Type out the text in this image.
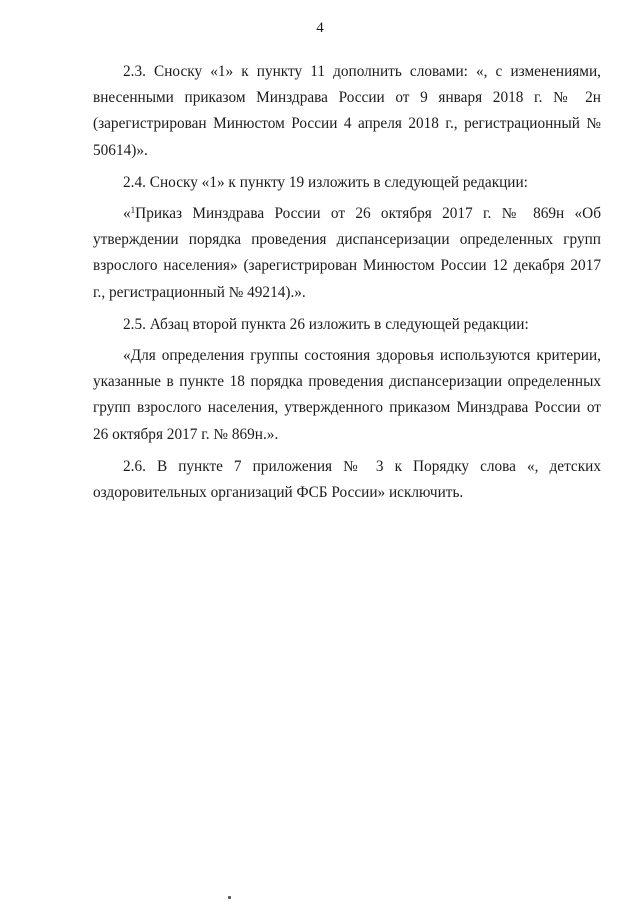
4

2.3. Сноску «1» к пункту 11 дополнить словами: «, с изменениями, внесенными приказом Минздрава России от 9 января 2018 г. № 2н (зарегистрирован Минюстом России 4 апреля 2018 г., регистрационный № 50614)».

2.4. Сноску «1» к пункту 19 изложить в следующей редакции:

«$^1$Приказ Минздрава России от 26 октября 2017 г. № 869н «Об утверждении порядка проведения диспансеризации определенных групп взрослого населения» (зарегистрирован Минюстом России 12 декабря 2017 г., регистрационный № 49214).».

2.5. Абзац второй пункта 26 изложить в следующей редакции:

«Для определения группы состояния здоровья используются критерии, указанные в пункте 18 порядка проведения диспансеризации определенных групп взрослого населения, утвержденного приказом Минздрава России от 26 октября 2017 г. № 869н.».

2.6. В пункте 7 приложения № 3 к Порядку слова «, детских оздоровительных организаций ФСБ России» исключить.
